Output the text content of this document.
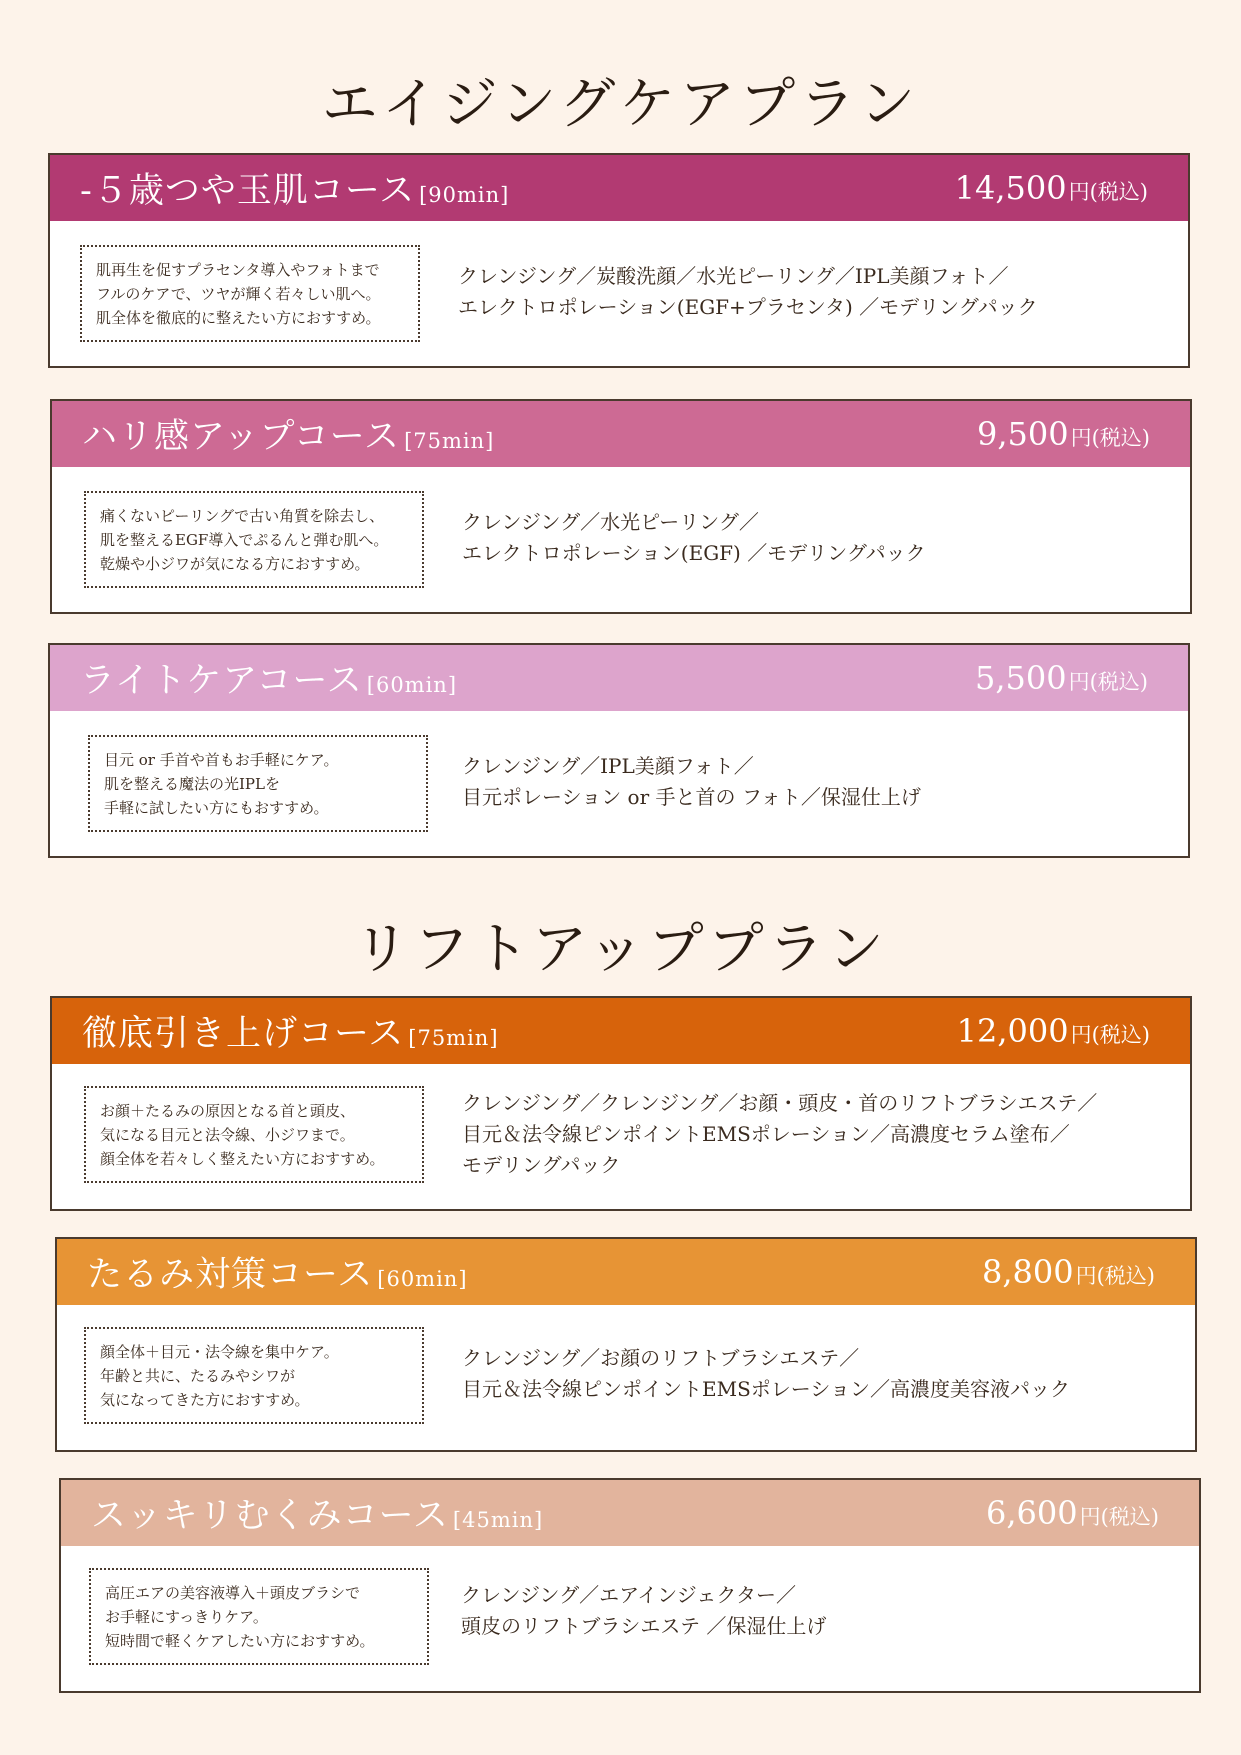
エイジングケアプラン
-５歳つや玉肌コース [90min]	14,500 円(税込)
肌再生を促すプラセンタ導入やフォトまで
フルのケアで、ツヤが輝く若々しい肌へ。
肌全体を徹底的に整えたい方におすすめ。
クレンジング／炭酸洗顔／水光ピーリング／IPL美顔フォト／
エレクトロポレーション(EGF+プラセンタ) ／モデリングパック
ハリ感アップコース [75min]	9,500 円(税込)
痛くないピーリングで古い角質を除去し、
肌を整えるEGF導入でぷるんと弾む肌へ。
乾燥や小ジワが気になる方におすすめ。
クレンジング／水光ピーリング／
エレクトロポレーション(EGF) ／モデリングパック
ライトケアコース [60min]	5,500 円(税込)
目元 or 手首や首もお手軽にケア。
肌を整える魔法の光IPLを
手軽に試したい方にもおすすめ。
クレンジング／IPL美顔フォト／
目元ポレーション or 手と首の フォト／保湿仕上げ
リフトアッププラン
徹底引き上げコース [75min]	12,000 円(税込)
お顔＋たるみの原因となる首と頭皮、
気になる目元と法令線、小ジワまで。
顔全体を若々しく整えたい方におすすめ。
クレンジング／クレンジング／お顔・頭皮・首のリフトブラシエステ／
目元＆法令線ピンポイントEMSポレーション／高濃度セラム塗布／
モデリングパック
たるみ対策コース [60min]	8,800 円(税込)
顔全体＋目元・法令線を集中ケア。
年齢と共に、たるみやシワが
気になってきた方におすすめ。
クレンジング／お顔のリフトブラシエステ／
目元＆法令線ピンポイントEMSポレーション／高濃度美容液パック
スッキリむくみコース [45min]	6,600 円(税込)
高圧エアの美容液導入＋頭皮ブラシで
お手軽にすっきりケア。
短時間で軽くケアしたい方におすすめ。
クレンジング／エアインジェクター／
頭皮のリフトブラシエステ ／保湿仕上げ
